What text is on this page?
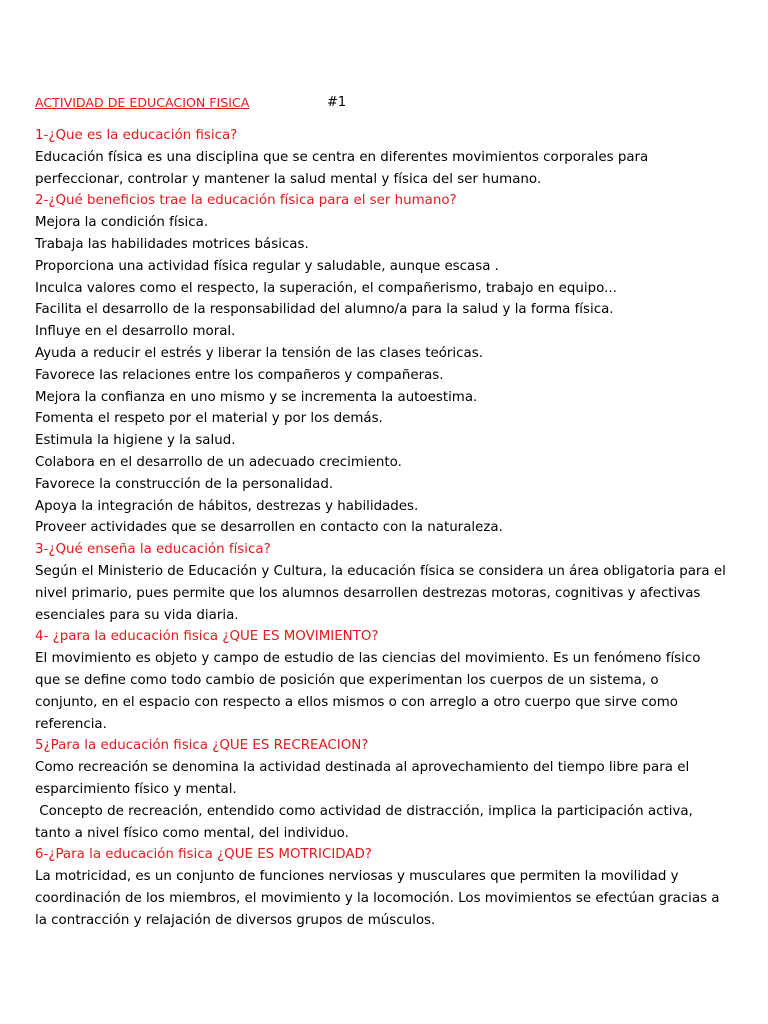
ACTIVIDAD DE EDUCACION FISICA	#1
1-¿Que es la educación fisica?
Educación física es una disciplina que se centra en diferentes movimientos corporales para
perfeccionar, controlar y mantener la salud mental y física del ser humano.
2-¿Qué beneficios trae la educación física para el ser humano?
Mejora la condición física.
Trabaja las habilidades motrices básicas.
Proporciona una actividad física regular y saludable, aunque escasa .
Inculca valores como el respecto, la superación, el compañerismo, trabajo en equipo...
Facilita el desarrollo de la responsabilidad del alumno/a para la salud y la forma física.
Influye en el desarrollo moral.
Ayuda a reducir el estrés y liberar la tensión de las clases teóricas.
Favorece las relaciones entre los compañeros y compañeras.
Mejora la confianza en uno mismo y se incrementa la autoestima.
Fomenta el respeto por el material y por los demás.
Estimula la higiene y la salud.
Colabora en el desarrollo de un adecuado crecimiento.
Favorece la construcción de la personalidad.
Apoya la integración de hábitos, destrezas y habilidades.
Proveer actividades que se desarrollen en contacto con la naturaleza.
3-¿Qué enseña la educación física?
Según el Ministerio de Educación y Cultura, la educación física se considera un área obligatoria para el
nivel primario, pues permite que los alumnos desarrollen destrezas motoras, cognitivas y afectivas
esenciales para su vida diaria.
4- ¿para la educación fisica ¿QUE ES MOVIMIENTO?
El movimiento es objeto y campo de estudio de las ciencias del movimiento. Es un fenómeno físico
que se define como todo cambio de posición que experimentan los cuerpos de un sistema, o
conjunto, en el espacio con respecto a ellos mismos o con arreglo a otro cuerpo que sirve como
referencia.
5¿Para la educación fisica ¿QUE ES RECREACION?
Como recreación se denomina la actividad destinada al aprovechamiento del tiempo libre para el
esparcimiento físico y mental.
Concepto de recreación, entendido como actividad de distracción, implica la participación activa,
tanto a nivel físico como mental, del individuo.
6-¿Para la educación fisica ¿QUE ES MOTRICIDAD?
La motricidad, es un conjunto de funciones nerviosas y musculares que permiten la movilidad y
coordinación de los miembros, el movimiento y la locomoción. Los movimientos se efectúan gracias a
la contracción y relajación de diversos grupos de músculos.
